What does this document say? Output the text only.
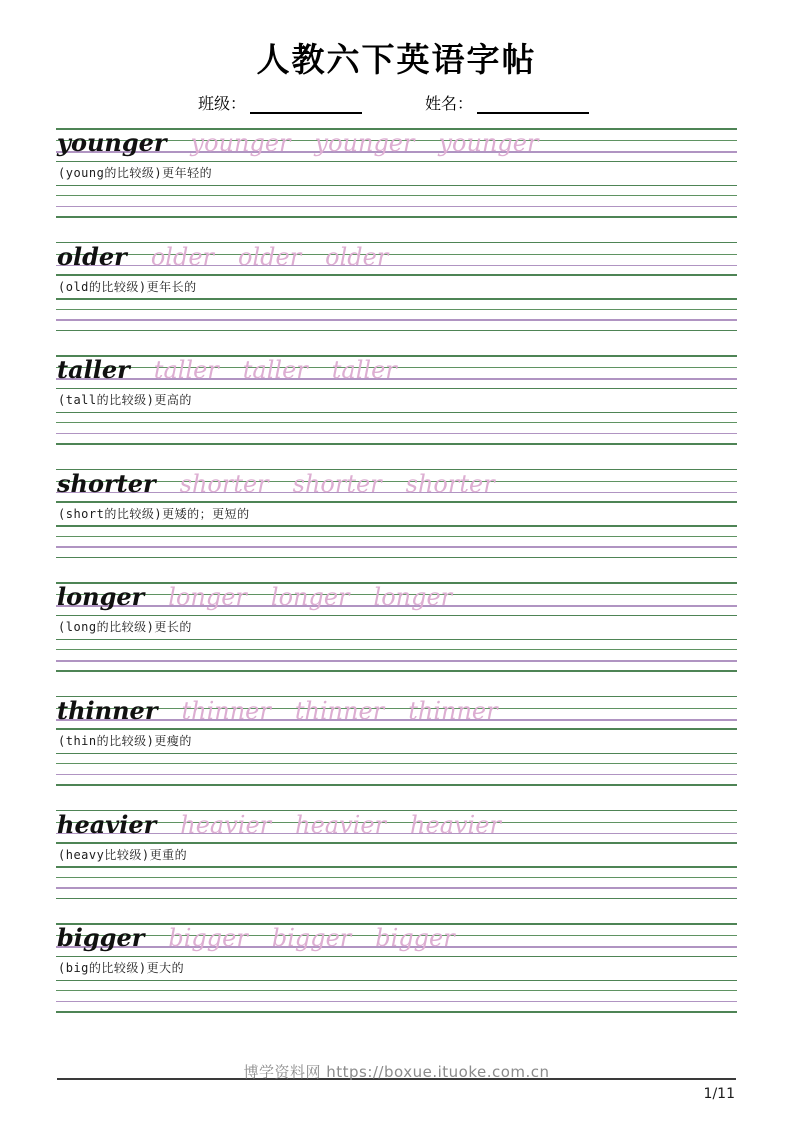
人教六下英语字帖
班级：	姓名：
younger younger younger younger
(young的比较级)更年轻的
older older older older
(old的比较级)更年长的
taller taller taller taller
(tall的比较级)更高的
shorter shorter shorter shorter
(short的比较级)更矮的；更短的
longer longer longer longer
(long的比较级)更长的
thinner thinner thinner thinner
(thin的比较级)更瘦的
heavier heavier heavier heavier
(heavy比较级)更重的
bigger bigger bigger bigger
(big的比较级)更大的
博学资料网 https://boxue.ituoke.com.cn
1/11
